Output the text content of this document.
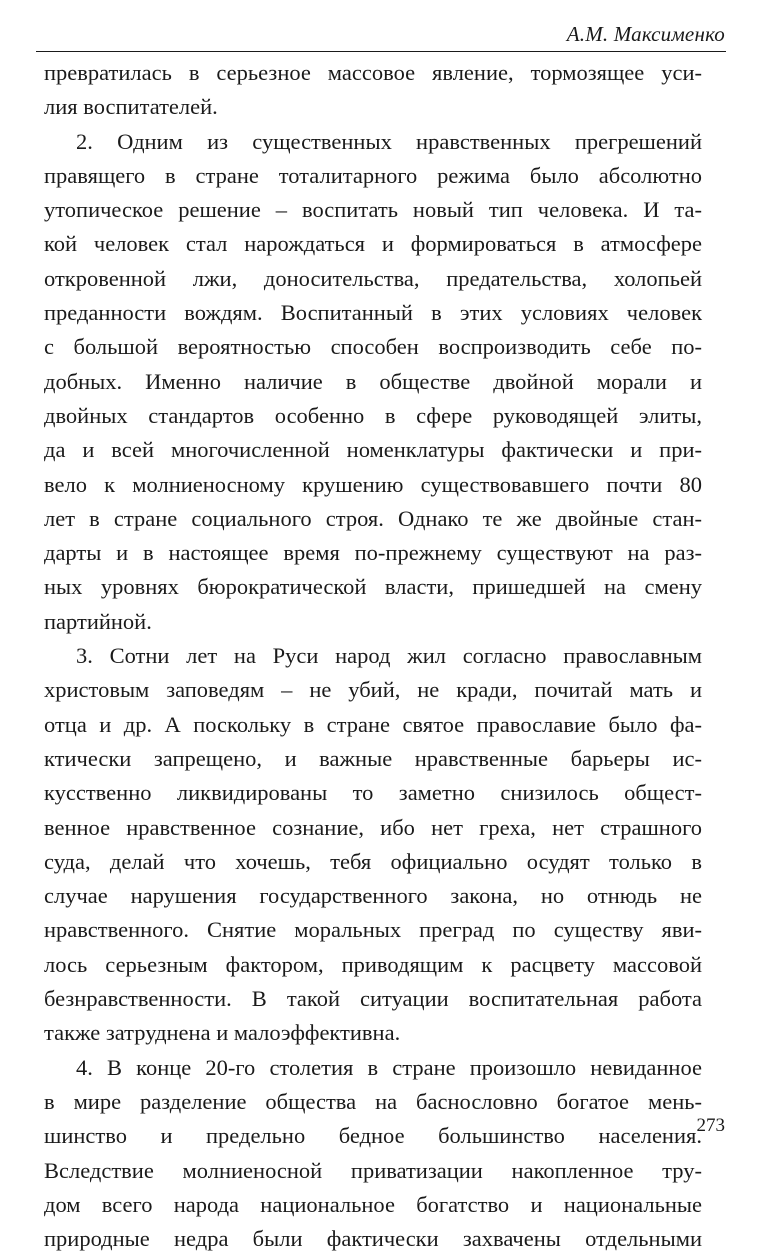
А.М. Максименко
превратилась в серьезное массовое явление, тормозящее уси-
лия воспитателей.
2. Одним из существенных нравственных прегрешений
правящего в стране тоталитарного режима было абсолютно
утопическое решение – воспитать новый тип человека. И та-
кой человек стал нарождаться и формироваться в атмосфере
откровенной лжи, доносительства, предательства, холопьей
преданности вождям. Воспитанный в этих условиях человек
с большой вероятностью способен воспроизводить себе по-
добных. Именно наличие в обществе двойной морали и
двойных стандартов особенно в сфере руководящей элиты,
да и всей многочисленной номенклатуры фактически и при-
вело к молниеносному крушению существовавшего почти 80
лет в стране социального строя. Однако те же двойные стан-
дарты и в настоящее время по-прежнему существуют на раз-
ных уровнях бюрократической власти, пришедшей на смену
партийной.
3. Сотни лет на Руси народ жил согласно православным
христовым заповедям – не убий, не кради, почитай мать и
отца и др. А поскольку в стране святое православие было фа-
ктически запрещено, и важные нравственные барьеры ис-
кусственно ликвидированы то заметно снизилось общест-
венное нравственное сознание, ибо нет греха, нет страшного
суда, делай что хочешь, тебя официально осудят только в
случае нарушения государственного закона, но отнюдь не
нравственного. Снятие моральных преград по существу яви-
лось серьезным фактором, приводящим к расцвету массовой
безнравственности. В такой ситуации воспитательная работа
также затруднена и малоэффективна.
4. В конце 20-го столетия в стране произошло невиданное
в мире разделение общества на баснословно богатое мень-
шинство и предельно бедное большинство населения.
Вследствие молниеносной приватизации накопленное тру-
дом всего народа национальное богатство и национальные
природные недра были фактически захвачены отдельными
273
